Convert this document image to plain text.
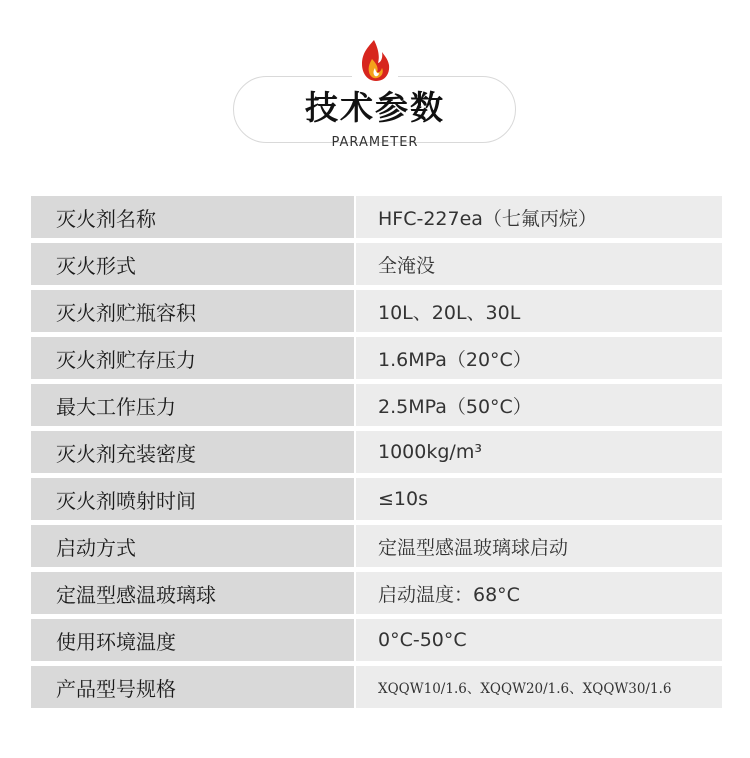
技术参数
PARAMETER
灭火剂名称	HFC-227ea（七氟丙烷）
灭火形式	全淹没
灭火剂贮瓶容积	10L、20L、30L
灭火剂贮存压力	1.6MPa（20°C）
最大工作压力	2.5MPa（50°C）
灭火剂充装密度	1000kg/m³
灭火剂喷射时间	≤10s
启动方式	定温型感温玻璃球启动
定温型感温玻璃球	启动温度：68°C
使用环境温度	0°C-50°C
产品型号规格	XQQW10/1.6、XQQW20/1.6、XQQW30/1.6
